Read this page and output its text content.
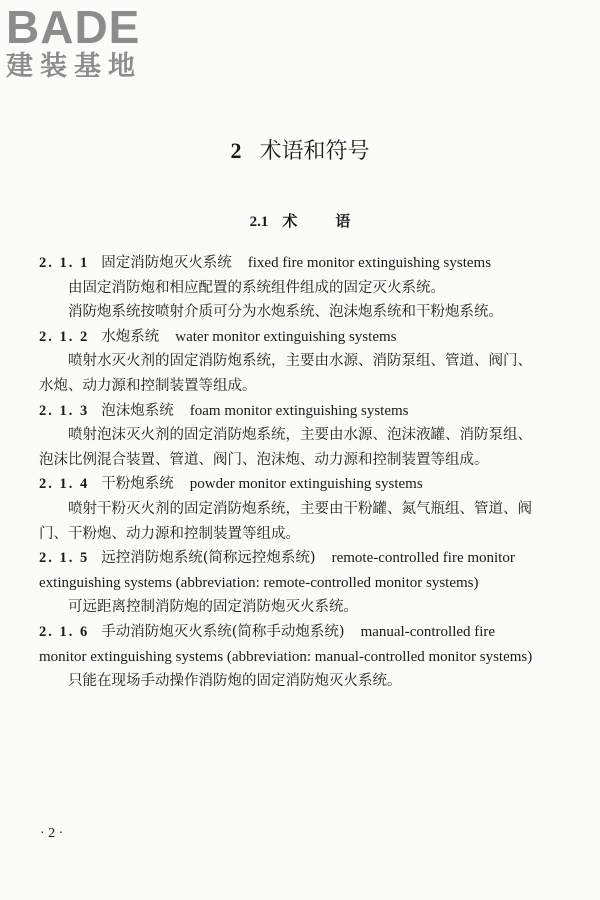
BADE
建装基地
2 术语和符号
2.1 术	语

2. 1. 1 固定消防炮灭火系统 fixed fire monitor extinguishing systems

由固定消防炮和相应配置的系统组件组成的固定灭火系统。

消防炮系统按喷射介质可分为水炮系统、泡沫炮系统和干粉炮系统。

2. 1. 2 水炮系统 water monitor extinguishing systems

喷射水灭火剂的固定消防炮系统，主要由水源、消防泵组、管道、阀门、水炮、动力源和控制装置等组成。

2. 1. 3 泡沫炮系统 foam monitor extinguishing systems

喷射泡沫灭火剂的固定消防炮系统，主要由水源、泡沫液罐、消防泵组、泡沫比例混合装置、管道、阀门、泡沫炮、动力源和控制装置等组成。

2. 1. 4 干粉炮系统 powder monitor extinguishing systems

喷射干粉灭火剂的固定消防炮系统，主要由干粉罐、氮气瓶组、管道、阀门、干粉炮、动力源和控制装置等组成。

2. 1. 5 远控消防炮系统(简称远控炮系统) remote-controlled fire monitor extinguishing systems (abbreviation: remote-controlled monitor systems)

可远距离控制消防炮的固定消防炮灭火系统。

2. 1. 6 手动消防炮灭火系统(简称手动炮系统) manual-controlled fire monitor extinguishing systems (abbreviation: manual-controlled monitor systems)

只能在现场手动操作消防炮的固定消防炮灭火系统。

· 2 ·
